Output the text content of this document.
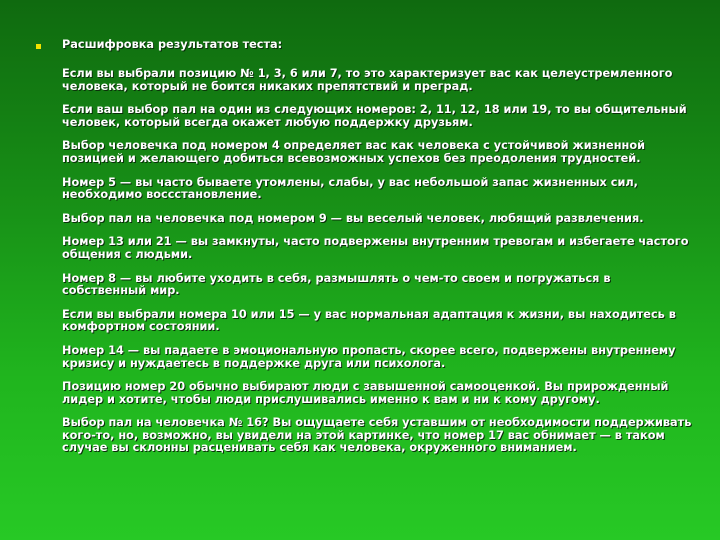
Расшифровка результатов теста:

Если вы выбрали позицию № 1, 3, 6 или 7, то это характеризует вас как целеустремленного человека, который не боится никаких препятствий и преград.

Если ваш выбор пал на один из следующих номеров: 2, 11, 12, 18 или 19, то вы общительный человек, который всегда окажет любую поддержку друзьям.

Выбор человечка под номером 4 определяет вас как человека с устойчивой жизненной позицией и желающего добиться всевозможных успехов без преодоления трудностей.

Номер 5 — вы часто бываете утомлены, слабы, у вас небольшой запас жизненных сил, необходимо восcстановление.

Выбор пал на человечка под номером 9 — вы веселый человек, любящий развлечения.

Номер 13 или 21 — вы замкнуты, часто подвержены внутренним тревогам и избегаете частого общения с людьми.

Номер 8 — вы любите уходить в себя, размышлять о чем-то своем и погружаться в собственный мир.

Если вы выбрали номера 10 или 15 — у вас нормальная адаптация к жизни, вы находитесь в комфортном состоянии.

Номер 14 — вы падаете в эмоциональную пропасть, скорее всего, подвержены внутреннему кризису и нуждаетесь в поддержке друга или психолога.

Позицию номер 20 обычно выбирают люди с завышенной самооценкой. Вы прирожденный лидер и хотите, чтобы люди прислушивались именно к вам и ни к кому другому.

Выбор пал на человечка № 16? Вы ощущаете себя уставшим от необходимости поддерживать кого-то, но, возможно, вы увидели на этой картинке, что номер 17 вас обнимает — в таком случае вы склонны расценивать себя как человека, окруженного вниманием.
